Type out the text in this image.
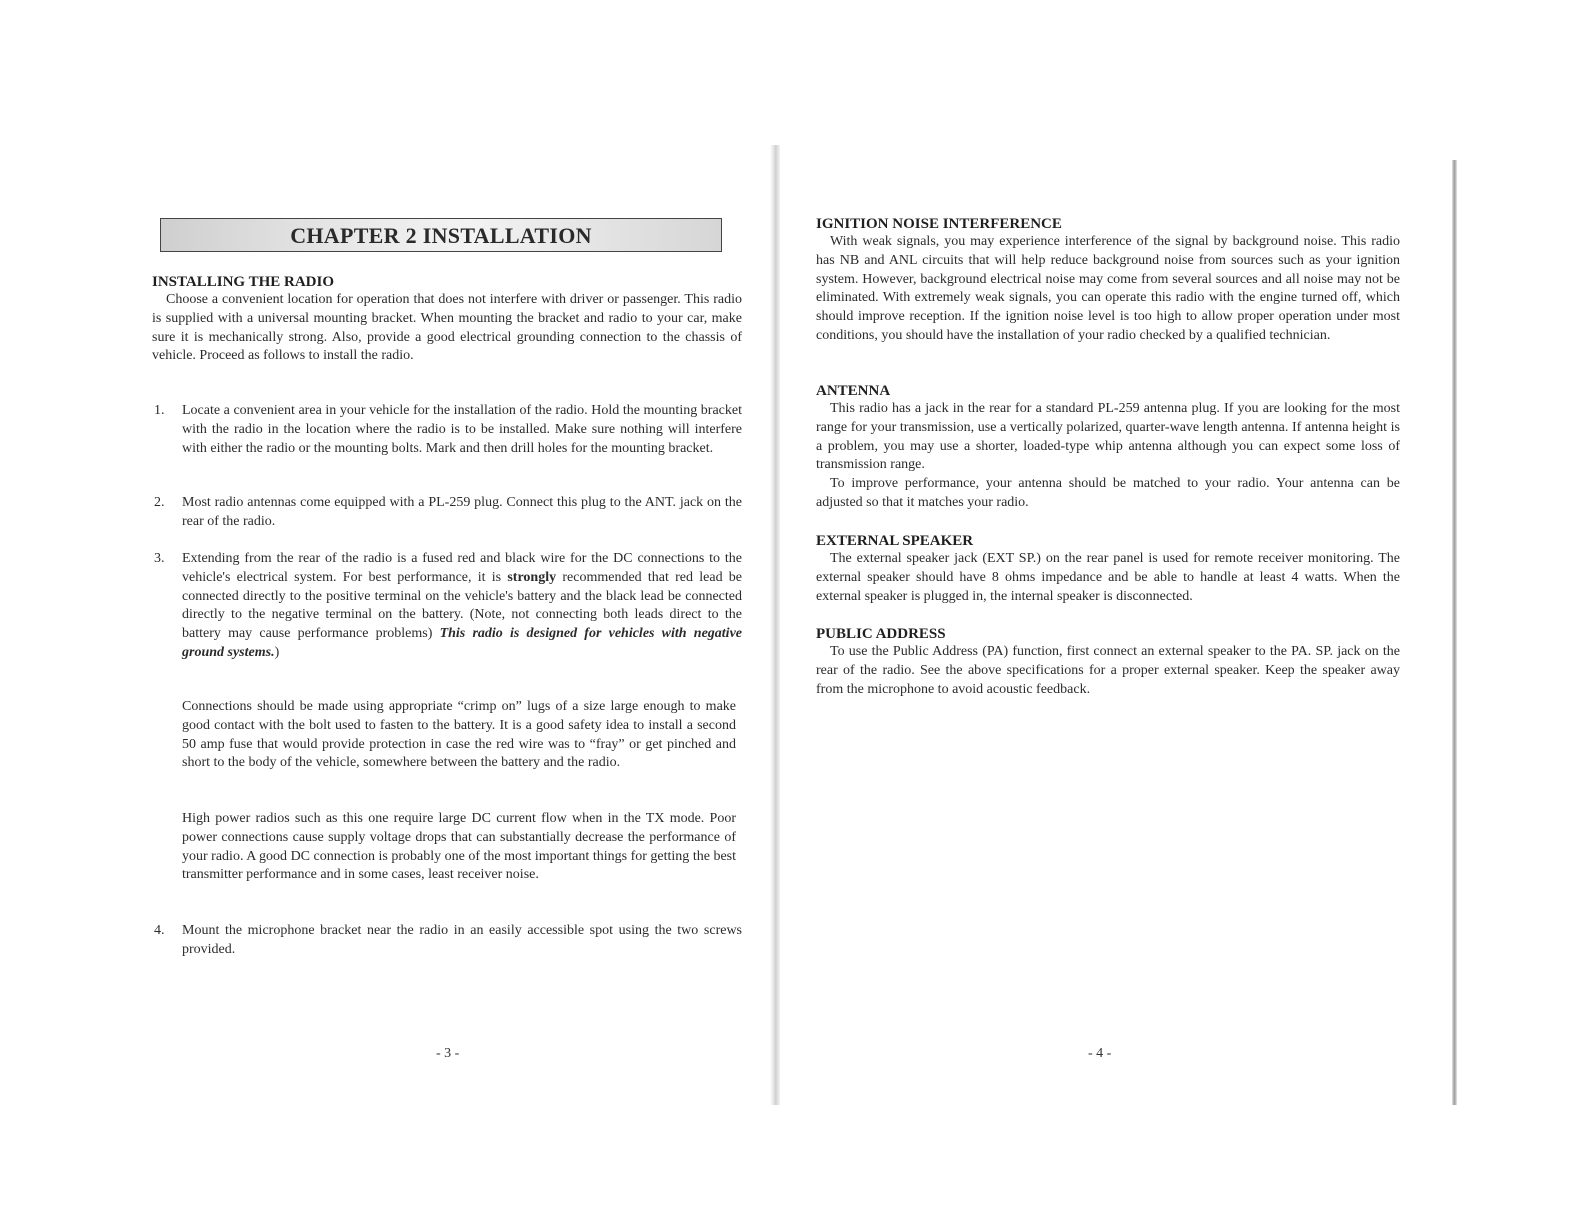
CHAPTER 2 INSTALLATION
INSTALLING THE RADIO

Choose a convenient location for operation that does not interfere with driver or passenger. This radio is supplied with a universal mounting bracket. When mounting the bracket and radio to your car, make sure it is mechanically strong. Also, provide a good electrical grounding connection to the chassis of vehicle. Proceed as follows to install the radio.

1. Locate a convenient area in your vehicle for the installation of the radio. Hold the mounting bracket with the radio in the location where the radio is to be installed. Make sure nothing will interfere with either the radio or the mounting bolts. Mark and then drill holes for the mounting bracket.

2. Most radio antennas come equipped with a PL-259 plug. Connect this plug to the ANT. jack on the rear of the radio.

3. Extending from the rear of the radio is a fused red and black wire for the DC connections to the vehicle's electrical system. For best performance, it is strongly recommended that red lead be connected directly to the positive terminal on the vehicle's battery and the black lead be connected directly to the negative terminal on the battery. (Note, not connecting both leads direct to the battery may cause performance problems) This radio is designed for vehicles with negative ground systems.)

Connections should be made using appropriate “crimp on” lugs of a size large enough to make good contact with the bolt used to fasten to the battery. It is a good safety idea to install a second 50 amp fuse that would provide protection in case the red wire was to “fray” or get pinched and short to the body of the vehicle, somewhere between the battery and the radio.

High power radios such as this one require large DC current flow when in the TX mode. Poor power connections cause supply voltage drops that can substantially decrease the performance of your radio. A good DC connection is probably one of the most important things for getting the best transmitter performance and in some cases, least receiver noise.

4. Mount the microphone bracket near the radio in an easily accessible spot using the two screws provided.

- 3 -
IGNITION NOISE INTERFERENCE

With weak signals, you may experience interference of the signal by background noise. This radio has NB and ANL circuits that will help reduce background noise from sources such as your ignition system. However, background electrical noise may come from several sources and all noise may not be eliminated. With extremely weak signals, you can operate this radio with the engine turned off, which should improve reception. If the ignition noise level is too high to allow proper operation under most conditions, you should have the installation of your radio checked by a qualified technician.

ANTENNA

This radio has a jack in the rear for a standard PL-259 antenna plug. If you are looking for the most range for your transmission, use a vertically polarized, quarter-wave length antenna. If antenna height is a problem, you may use a shorter, loaded-type whip antenna although you can expect some loss of transmission range.

To improve performance, your antenna should be matched to your radio. Your antenna can be adjusted so that it matches your radio.

EXTERNAL SPEAKER

The external speaker jack (EXT SP.) on the rear panel is used for remote receiver monitoring. The external speaker should have 8 ohms impedance and be able to handle at least 4 watts. When the external speaker is plugged in, the internal speaker is disconnected.

PUBLIC ADDRESS

To use the Public Address (PA) function, first connect an external speaker to the PA. SP. jack on the rear of the radio. See the above specifications for a proper external speaker. Keep the speaker away from the microphone to avoid acoustic feedback.

- 4 -
